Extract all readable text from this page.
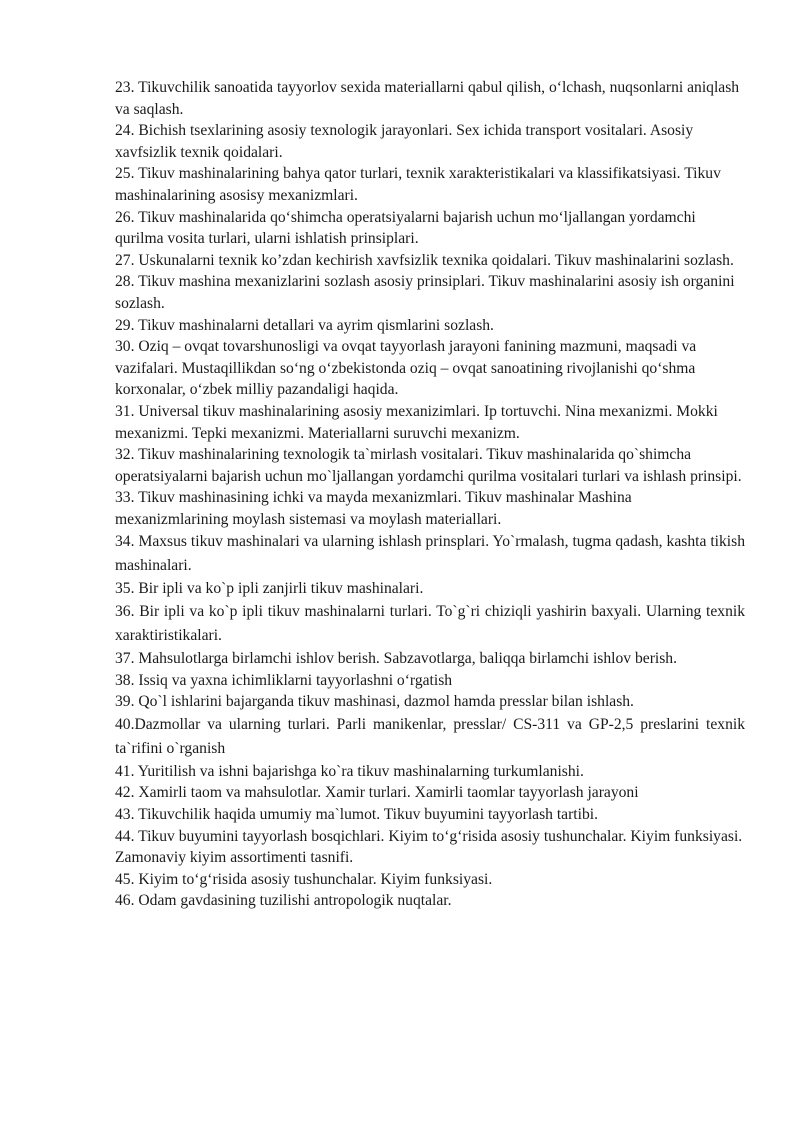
23. Tikuvchilik sanoatida tayyorlov sexida materiallarni qabul qilish, o‘lchash, nuqsonlarni aniqlash va saqlash.

24. Bichish tsexlarining asosiy texnologik jarayonlari. Sex ichida transport vositalari. Asosiy xavfsizlik texnik qoidalari.

25. Tikuv mashinalarining bahya qator turlari, texnik xarakteristikalari va klassifikatsiyasi. Tikuv mashinalarining asosisy mexanizmlari.

26. Tikuv mashinalarida qo‘shimcha operatsiyalarni bajarish uchun mo‘ljallangan yordamchi qurilma vosita turlari, ularni ishlatish prinsiplari.

27. Uskunalarni texnik ko’zdan kechirish xavfsizlik texnika qoidalari. Tikuv mashinalarini sozlash.

28. Tikuv mashina mexanizlarini sozlash asosiy prinsiplari. Tikuv mashinalarini asosiy ish organini sozlash.

29. Tikuv mashinalarni detallari va ayrim qismlarini sozlash.

30. Oziq – ovqat tovarshunosligi va ovqat tayyorlash jarayoni fanining mazmuni, maqsadi va vazifalari. Mustaqillikdan so‘ng o‘zbekistonda oziq – ovqat sanoatining rivojlanishi qo‘shma korxonalar, o‘zbek milliy pazandaligi haqida.

31. Universal tikuv mashinalarining asosiy mexanizimlari. Ip tortuvchi. Nina mexanizmi. Mokki mexanizmi. Tepki mexanizmi. Materiallarni suruvchi mexanizm.

32. Tikuv mashinalarining texnologik ta`mirlash vositalari. Tikuv mashinalarida qo`shimcha operatsiyalarni bajarish uchun mo`ljallangan yordamchi qurilma vositalari turlari va ishlash prinsipi.

33. Tikuv mashinasining ichki va mayda mexanizmlari. Tikuv mashinalar Mashina mexanizmlarining moylash sistemasi va moylash materiallari.

34. Maxsus tikuv mashinalari va ularning ishlash prinsplari. Yo`rmalash, tugma qadash, kashta tikish mashinalari.

35. Bir ipli va ko`p ipli zanjirli tikuv mashinalari.

36. Bir ipli va ko`p ipli tikuv mashinalarni turlari. To`g`ri chiziqli yashirin baxyali. Ularning texnik xaraktiristikalari.

37. Mahsulotlarga birlamchi ishlov berish. Sabzavotlarga, baliqqa birlamchi ishlov berish.

38. Issiq va yaxna ichimliklarni tayyorlashni o‘rgatish

39. Qo`l ishlarini bajarganda tikuv mashinasi, dazmol hamda presslar bilan ishlash.

40.Dazmollar va ularning turlari. Parli manikenlar, presslar/ CS-311 va GP-2,5 preslarini texnik ta`rifini o`rganish

41. Yuritilish va ishni bajarishga ko`ra tikuv mashinalarning turkumlanishi.

42. Xamirli taom va mahsulotlar. Xamir turlari. Xamirli taomlar tayyorlash jarayoni

43. Tikuvchilik haqida umumiy ma`lumot. Tikuv buyumini tayyorlash tartibi.

44. Tikuv buyumini tayyorlash bosqichlari. Kiyim to‘g‘risida asosiy tushunchalar. Kiyim funksiyasi. Zamonaviy kiyim assortimenti tasnifi.

45. Kiyim to‘g‘risida asosiy tushunchalar. Kiyim funksiyasi.

46. Odam gavdasining tuzilishi antropologik nuqtalar.
